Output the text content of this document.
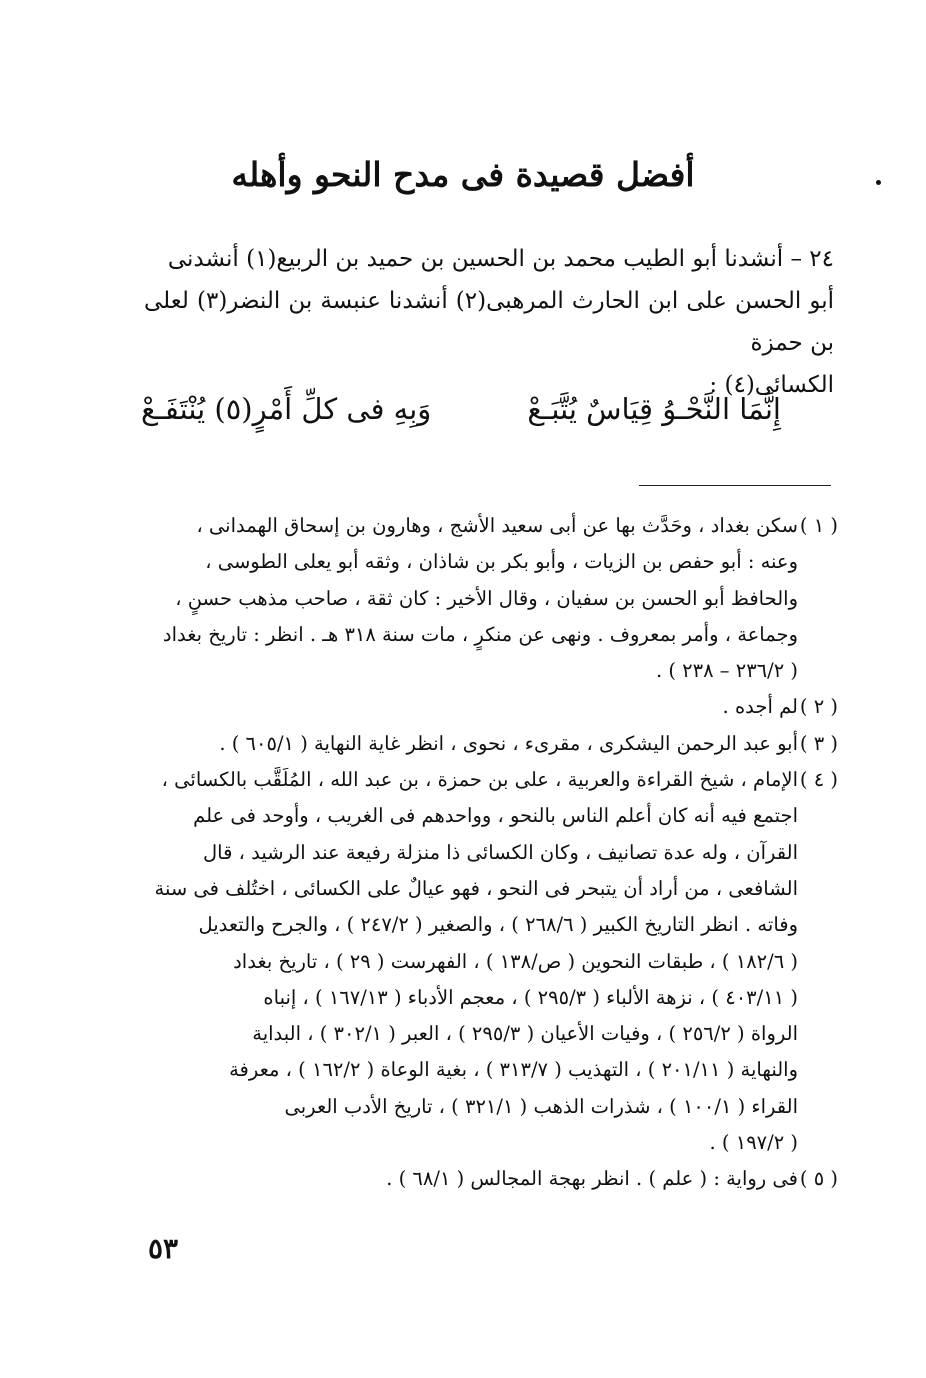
أفضل قصيدة فى مدح النحو وأهله
٢٤ – أنشدنا أبو الطيب محمد بن الحسين بن حميد بن الربيع(١) أنشدنى
أبو الحسن على ابن الحارث المرهبى(٢) أنشدنا عنبسة بن النضر(٣) لعلى بن حمزة
الكسائى(٤) :
إِنَّمَا النَّحْـوُ قِيَاسٌ يُتَّبَـعْ
وَبِهِ فى كلِّ أَمْرٍ(٥) يُنْتَفَـعْ
( ١ )
سكن بغداد ، وحَدَّث بها عن أبى سعيد الأشج ، وهارون بن إسحاق الهمدانى ،
وعنه : أبو حفص بن الزيات ، وأبو بكر بن شاذان ، وثقه أبو يعلى الطوسى ،
والحافظ أبو الحسن بن سفيان ، وقال الأخير : كان ثقة ، صاحب مذهب حسنٍ ،
وجماعة ، وأمر بمعروف . ونهى عن منكرٍ ، مات سنة ٣١٨ هـ . انظر : تاريخ بغداد
( ٢٣٦/٢ – ٢٣٨ ) .
( ٢ )
لم أجده .
( ٣ )
أبو عبد الرحمن اليشكرى ، مقرىء ، نحوى ، انظر غاية النهاية ( ٦٠٥/١ ) .
( ٤ )
الإمام ، شيخ القراءة والعربية ، على بن حمزة ، بن عبد الله ، المُلَقَّب بالكسائى ،
اجتمع فيه أنه كان أعلم الناس بالنحو ، وواحدهم فى الغريب ، وأوحد فى علم
القرآن ، وله عدة تصانيف ، وكان الكسائى ذا منزلة رفيعة عند الرشيد ، قال
الشافعى ، من أراد أن يتبحر فى النحو ، فهو عيالٌ على الكسائى ، اختُلف فى سنة
وفاته . انظر التاريخ الكبير ( ٢٦٨/٦ ) ، والصغير ( ٢٤٧/٢ ) ، والجرح والتعديل
( ١٨٢/٦ ) ، طبقات النحوين ( ص/١٣٨ ) ، الفهرست ( ٢٩ ) ، تاريخ بغداد
( ٤٠٣/١١ ) ، نزهة الألباء ( ٢٩٥/٣ ) ، معجم الأدباء ( ١٦٧/١٣ ) ، إنباه
الرواة ( ٢٥٦/٢ ) ، وفيات الأعيان ( ٢٩٥/٣ ) ، العبر ( ٣٠٢/١ ) ، البداية
والنهاية ( ٢٠١/١١ ) ، التهذيب ( ٣١٣/٧ ) ، بغية الوعاة ( ١٦٢/٢ ) ، معرفة
القراء ( ١٠٠/١ ) ، شذرات الذهب ( ٣٢١/١ ) ، تاريخ الأدب العربى
( ١٩٧/٢ ) .
( ٥ )
فى رواية : ( علم ) . انظر بهجة المجالس ( ٦٨/١ ) .
٥٣
